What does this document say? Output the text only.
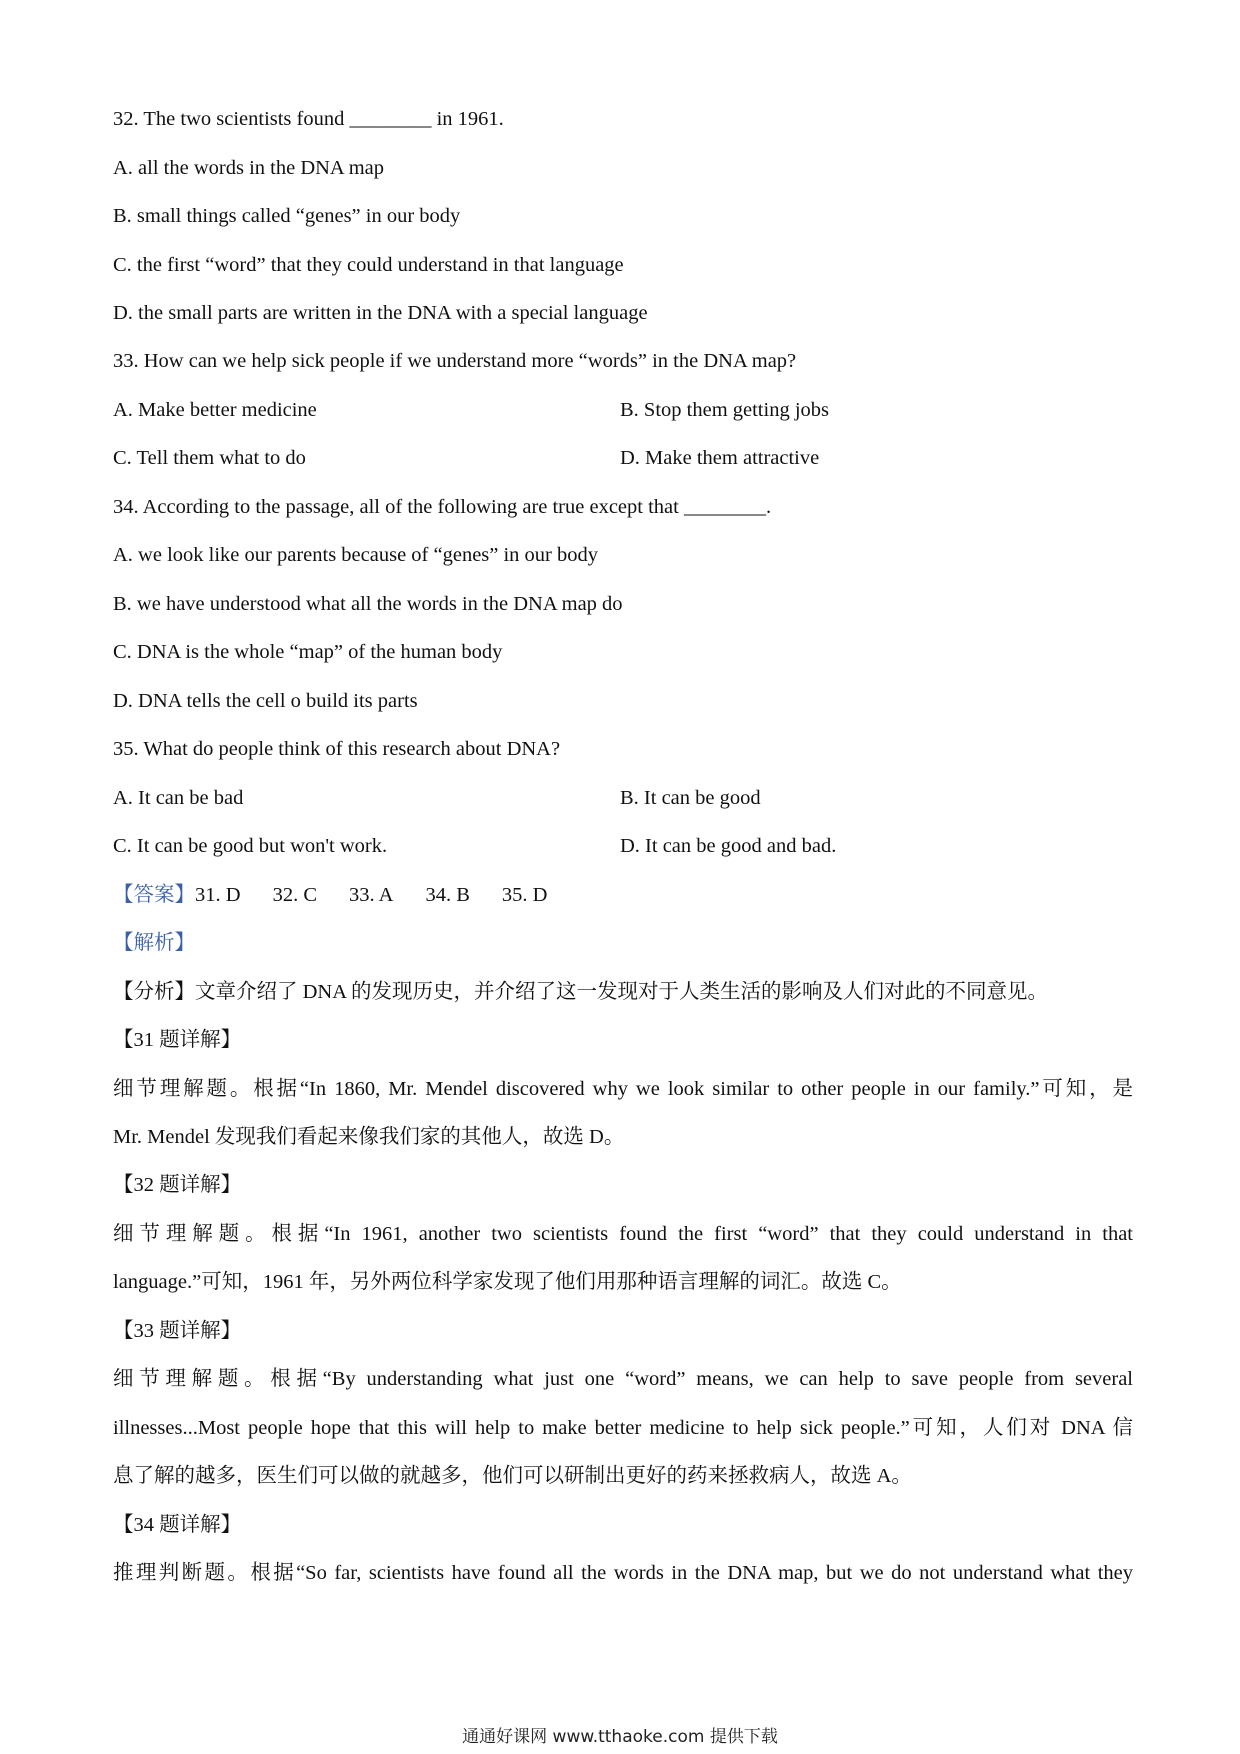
32. The two scientists found ________ in 1961.
A. all the words in the DNA map
B. small things called “genes” in our body
C. the first “word” that they could understand in that language
D. the small parts are written in the DNA with a special language
33. How can we help sick people if we understand more “words” in the DNA map?
A. Make better medicine	B. Stop them getting jobs
C. Tell them what to do	D. Make them attractive
34. According to the passage, all of the following are true except that ________.
A. we look like our parents because of “genes” in our body
B. we have understood what all the words in the DNA map do
C. DNA is the whole “map” of the human body
D. DNA tells the cell o build its parts
35. What do people think of this research about DNA?
A. It can be bad	B. It can be good
C. It can be good but won't work.	D. It can be good and bad.
【答案】31. D 32. C 33. A 34. B 35. D
【解析】
【分析】文章介绍了 DNA 的发现历史，并介绍了这一发现对于人类生活的影响及人们对此的不同意见。
【31 题详解】
细节理解题。根据“In 1860, Mr. Mendel discovered why we look similar to other people in our family.”可知，是
Mr. Mendel 发现我们看起来像我们家的其他人，故选 D。
【32 题详解】
细节理解题。根据“In 1961, another two scientists found the first “word” that they could understand in that
language.”可知，1961 年，另外两位科学家发现了他们用那种语言理解的词汇。故选 C。
【33 题详解】
细节理解题。根据“By understanding what just one “word” means, we can help to save people from several
illnesses...Most people hope that this will help to make better medicine to help sick people.”可知，人们对 DNA 信
息了解的越多，医生们可以做的就越多，他们可以研制出更好的药来拯救病人，故选 A。
【34 题详解】
推理判断题。根据“So far, scientists have found all the words in the DNA map, but we do not understand what they
通通好课网 www.tthaoke.com 提供下载
